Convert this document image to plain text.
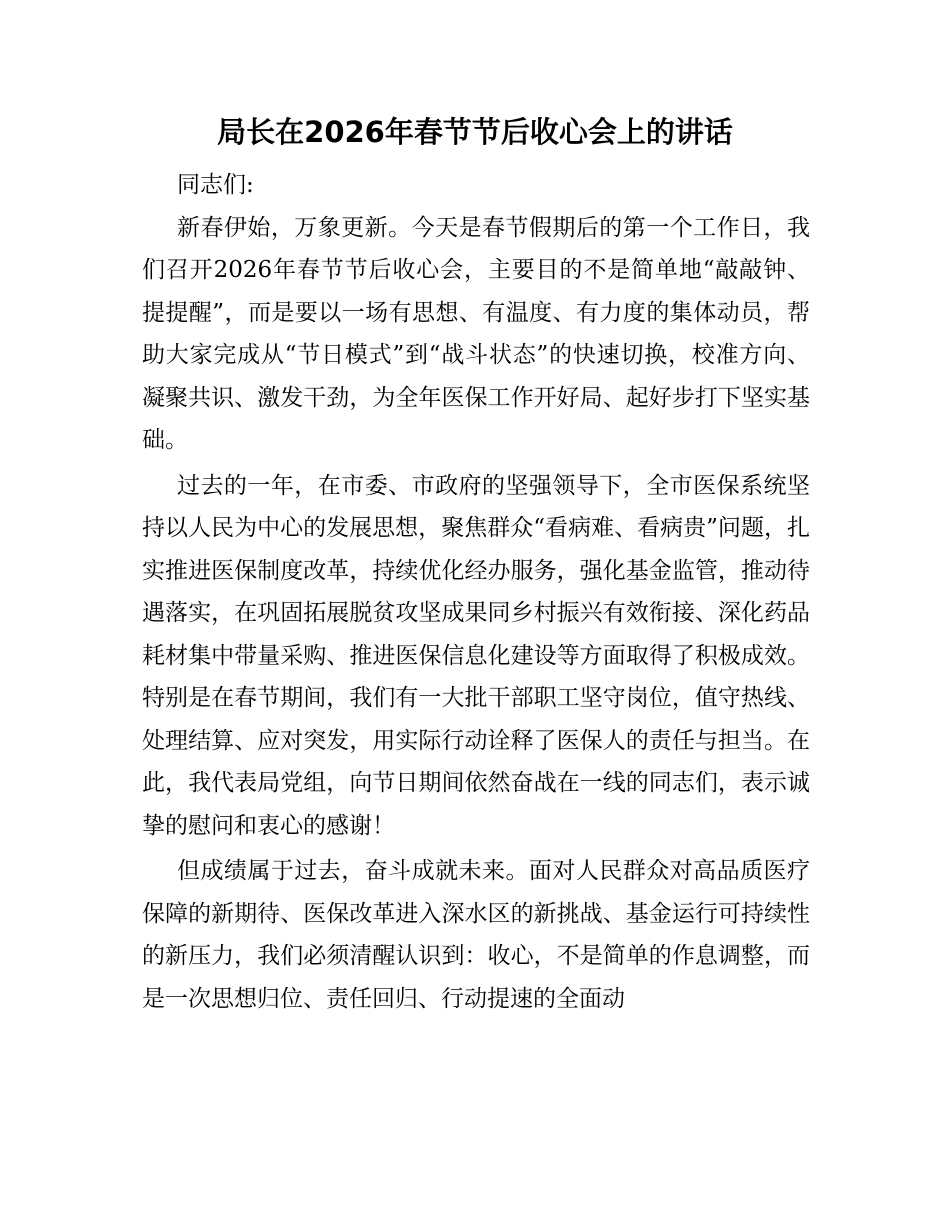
局长在2026年春节节后收心会上的讲话

同志们:

新春伊始，万象更新。今天是春节假期后的第一个工作日，我们召开2026年春节节后收心会，主要目的不是简单地“敲敲钟、提提醒”，而是要以一场有思想、有温度、有力度的集体动员，帮助大家完成从“节日模式”到“战斗状态”的快速切换，校准方向、凝聚共识、激发干劲，为全年医保工作开好局、起好步打下坚实基础。

过去的一年，在市委、市政府的坚强领导下，全市医保系统坚持以人民为中心的发展思想，聚焦群众“看病难、看病贵”问题，扎实推进医保制度改革，持续优化经办服务，强化基金监管，推动待遇落实，在巩固拓展脱贫攻坚成果同乡村振兴有效衔接、深化药品耗材集中带量采购、推进医保信息化建设等方面取得了积极成效。特别是在春节期间，我们有一大批干部职工坚守岗位，值守热线、处理结算、应对突发，用实际行动诠释了医保人的责任与担当。在此，我代表局党组，向节日期间依然奋战在一线的同志们，表示诚挚的慰问和衷心的感谢！

但成绩属于过去，奋斗成就未来。面对人民群众对高品质医疗保障的新期待、医保改革进入深水区的新挑战、基金运行可持续性的新压力，我们必须清醒认识到：收心，不是简单的作息调整，而是一次思想归位、责任回归、行动提速的全面动
